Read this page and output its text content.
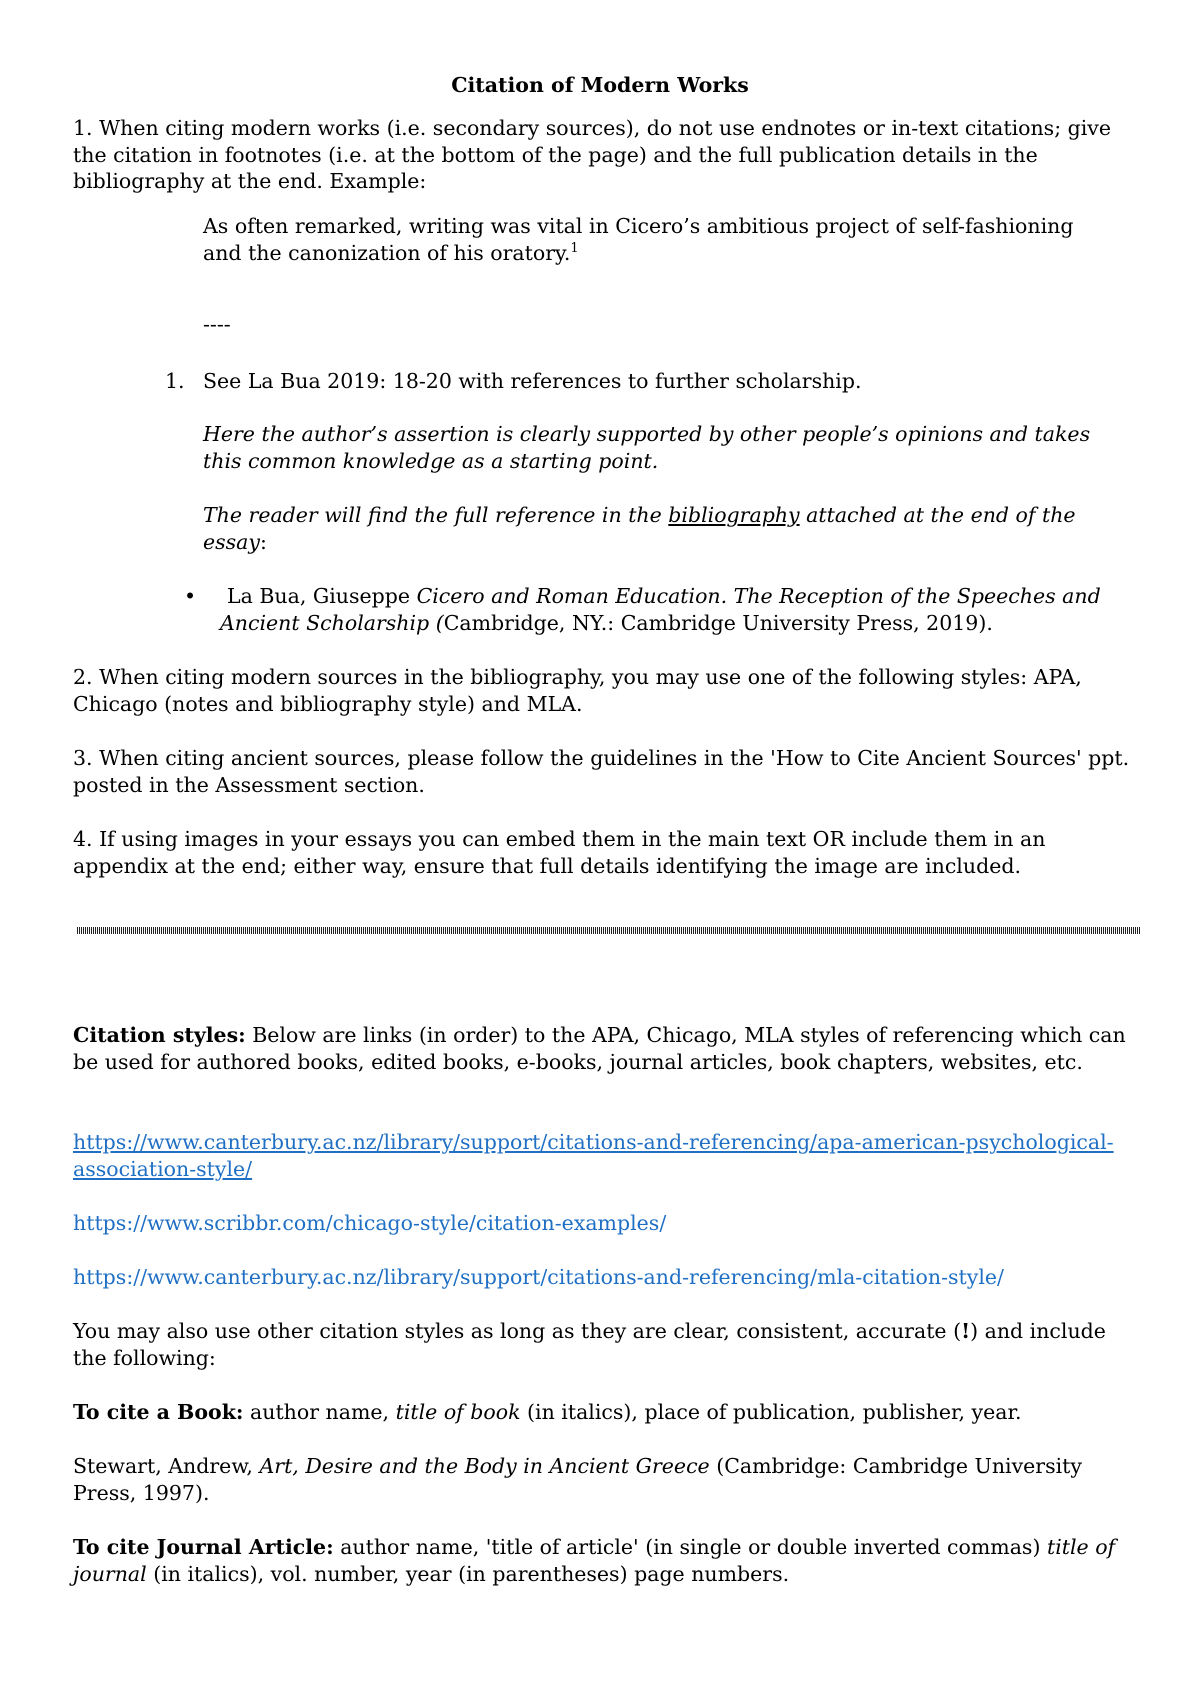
Citation of Modern Works

1. When citing modern works (i.e. secondary sources), do not use endnotes or in-text citations; give the citation in footnotes (i.e. at the bottom of the page) and the full publication details in the bibliography at the end. Example:

As often remarked, writing was vital in Cicero’s ambitious project of self-fashioning and the canonization of his oratory.$^1$

----

1. See La Bua 2019: 18-20 with references to further scholarship.

Here the author’s assertion is clearly supported by other people’s opinions and takes this common knowledge as a starting point.

The reader will find the full reference in the bibliography attached at the end of the essay:

•	La Bua, Giuseppe Cicero and Roman Education. The Reception of the Speeches and Ancient Scholarship (Cambridge, NY.: Cambridge University Press, 2019).

2. When citing modern sources in the bibliography, you may use one of the following styles: APA, Chicago (notes and bibliography style) and MLA.

3. When citing ancient sources, please follow the guidelines in the 'How to Cite Ancient Sources' ppt. posted in the Assessment section.

4. If using images in your essays you can embed them in the main text OR include them in an appendix at the end; either way, ensure that full details identifying the image are included.

Citation styles: Below are links (in order) to the APA, Chicago, MLA styles of referencing which can be used for authored books, edited books, e-books, journal articles, book chapters, websites, etc.

https://www.canterbury.ac.nz/library/support/citations-and-referencing/apa-american-psychological-association-style/

https://www.scribbr.com/chicago-style/citation-examples/

https://www.canterbury.ac.nz/library/support/citations-and-referencing/mla-citation-style/

You may also use other citation styles as long as they are clear, consistent, accurate (!) and include the following:

To cite a Book: author name, title of book (in italics), place of publication, publisher, year.

Stewart, Andrew, Art, Desire and the Body in Ancient Greece (Cambridge: Cambridge University Press, 1997).

To cite Journal Article: author name, 'title of article' (in single or double inverted commas) title of journal (in italics), vol. number, year (in parentheses) page numbers.
